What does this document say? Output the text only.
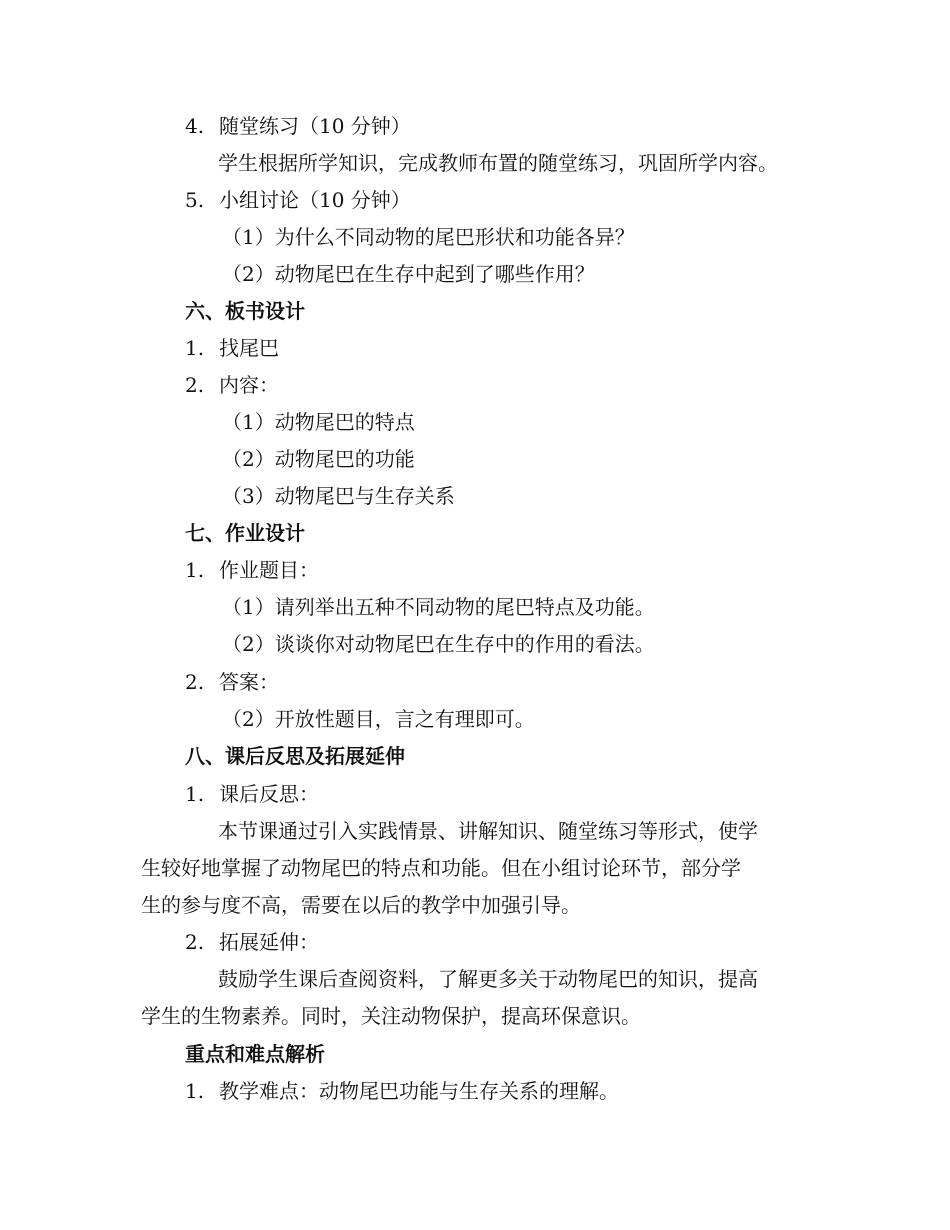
4. 随堂练习（10 分钟）
学生根据所学知识，完成教师布置的随堂练习，巩固所学内容。
5. 小组讨论（10 分钟）
（1）为什么不同动物的尾巴形状和功能各异？
（2）动物尾巴在生存中起到了哪些作用？
六、板书设计
1. 找尾巴
2. 内容：
（1）动物尾巴的特点
（2）动物尾巴的功能
（3）动物尾巴与生存关系
七、作业设计
1. 作业题目：
（1）请列举出五种不同动物的尾巴特点及功能。
（2）谈谈你对动物尾巴在生存中的作用的看法。
2. 答案：
（2）开放性题目，言之有理即可。
八、课后反思及拓展延伸
1. 课后反思：
本节课通过引入实践情景、讲解知识、随堂练习等形式，使学
生较好地掌握了动物尾巴的特点和功能。但在小组讨论环节，部分学
生的参与度不高，需要在以后的教学中加强引导。
2. 拓展延伸：
鼓励学生课后查阅资料，了解更多关于动物尾巴的知识，提高
学生的生物素养。同时，关注动物保护，提高环保意识。
重点和难点解析
1. 教学难点：动物尾巴功能与生存关系的理解。
